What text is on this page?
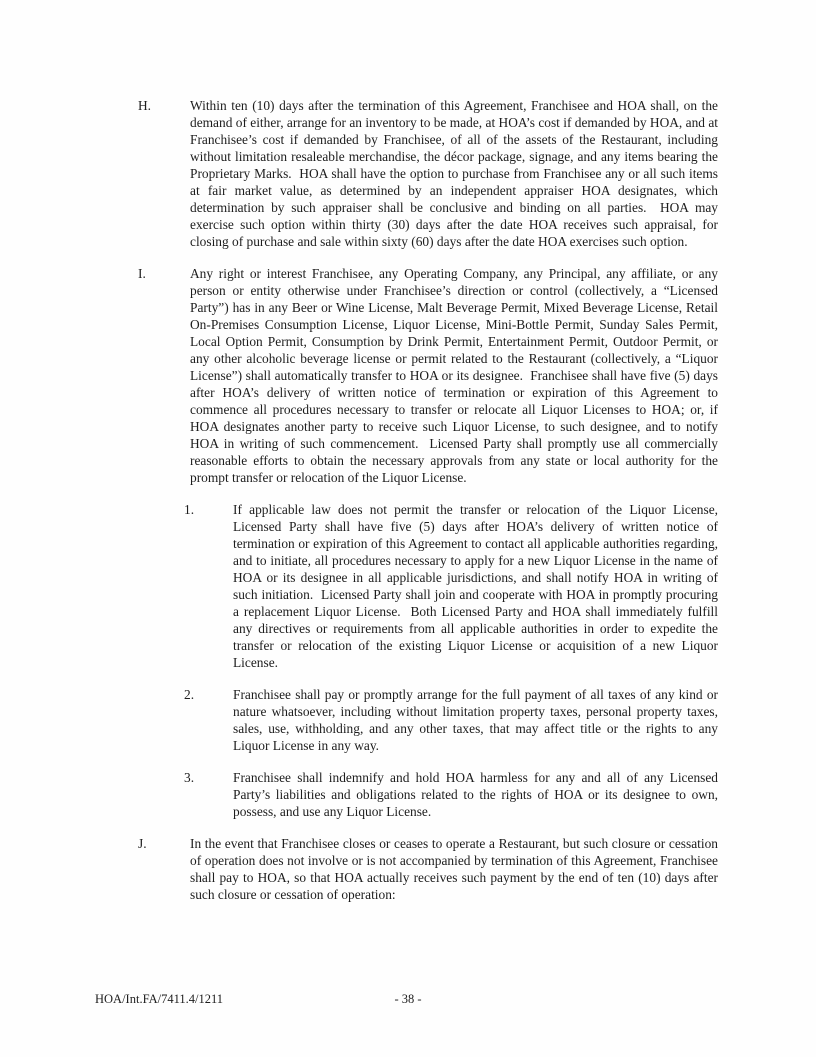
H.	Within ten (10) days after the termination of this Agreement, Franchisee and HOA shall, on the demand of either, arrange for an inventory to be made, at HOA’s cost if demanded by HOA, and at Franchisee’s cost if demanded by Franchisee, of all of the assets of the Restaurant, including without limitation resaleable merchandise, the décor package, signage, and any items bearing the Proprietary Marks.  HOA shall have the option to purchase from Franchisee any or all such items at fair market value, as determined by an independent appraiser HOA designates, which determination by such appraiser shall be conclusive and binding on all parties.  HOA may exercise such option within thirty (30) days after the date HOA receives such appraisal, for closing of purchase and sale within sixty (60) days after the date HOA exercises such option.
I.	Any right or interest Franchisee, any Operating Company, any Principal, any affiliate, or any person or entity otherwise under Franchisee’s direction or control (collectively, a “Licensed Party”) has in any Beer or Wine License, Malt Beverage Permit, Mixed Beverage License, Retail On-Premises Consumption License, Liquor License, Mini-Bottle Permit, Sunday Sales Permit, Local Option Permit, Consumption by Drink Permit, Entertainment Permit, Outdoor Permit, or any other alcoholic beverage license or permit related to the Restaurant (collectively, a “Liquor License”) shall automatically transfer to HOA or its designee.  Franchisee shall have five (5) days after HOA’s delivery of written notice of termination or expiration of this Agreement to commence all procedures necessary to transfer or relocate all Liquor Licenses to HOA; or, if HOA designates another party to receive such Liquor License, to such designee, and to notify HOA in writing of such commencement.  Licensed Party shall promptly use all commercially reasonable efforts to obtain the necessary approvals from any state or local authority for the prompt transfer or relocation of the Liquor License.
1.	If applicable law does not permit the transfer or relocation of the Liquor License, Licensed Party shall have five (5) days after HOA’s delivery of written notice of termination or expiration of this Agreement to contact all applicable authorities regarding, and to initiate, all procedures necessary to apply for a new Liquor License in the name of HOA or its designee in all applicable jurisdictions, and shall notify HOA in writing of such initiation.  Licensed Party shall join and cooperate with HOA in promptly procuring a replacement Liquor License.  Both Licensed Party and HOA shall immediately fulfill any directives or requirements from all applicable authorities in order to expedite the transfer or relocation of the existing Liquor License or acquisition of a new Liquor License.
2.	Franchisee shall pay or promptly arrange for the full payment of all taxes of any kind or nature whatsoever, including without limitation property taxes, personal property taxes, sales, use, withholding, and any other taxes, that may affect title or the rights to any Liquor License in any way.
3.	Franchisee shall indemnify and hold HOA harmless for any and all of any Licensed Party’s liabilities and obligations related to the rights of HOA or its designee to own, possess, and use any Liquor License.
J.	In the event that Franchisee closes or ceases to operate a Restaurant, but such closure or cessation of operation does not involve or is not accompanied by termination of this Agreement, Franchisee shall pay to HOA, so that HOA actually receives such payment by the end of ten (10) days after such closure or cessation of operation:
HOA/Int.FA/7411.4/1211	- 38 -
